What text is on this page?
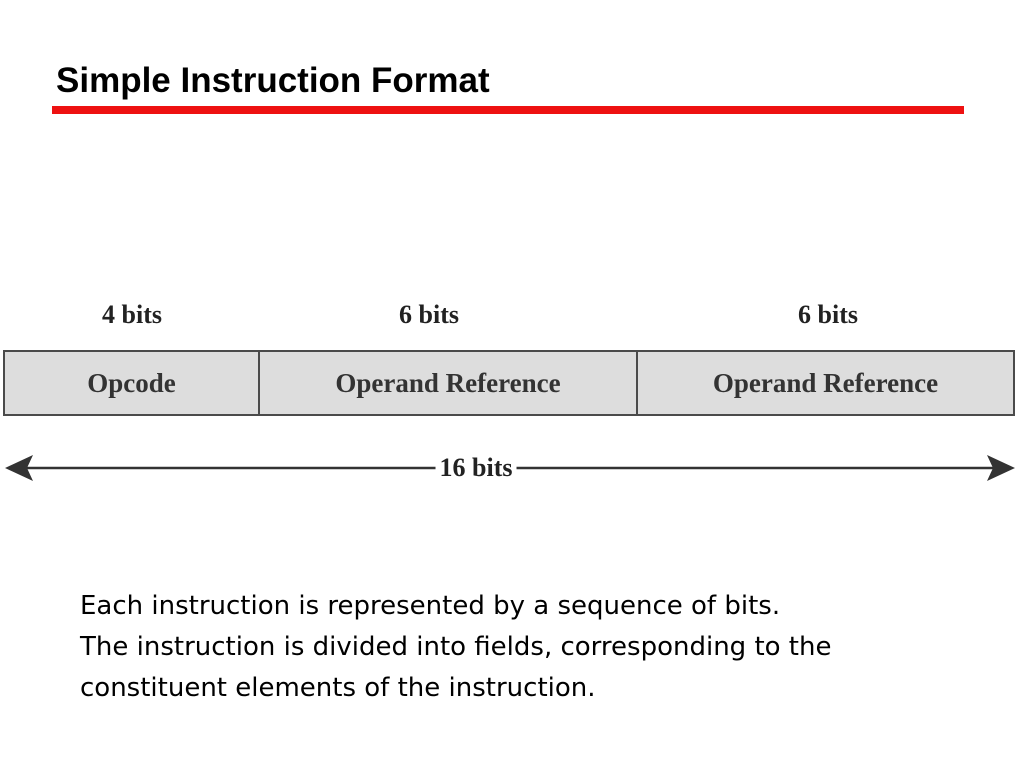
Simple Instruction Format
4 bits	6 bits	6 bits
Opcode	Operand Reference	Operand Reference
16 bits

Each instruction is represented by a sequence of bits.

The instruction is divided into fields, corresponding to the

constituent elements of the instruction.
